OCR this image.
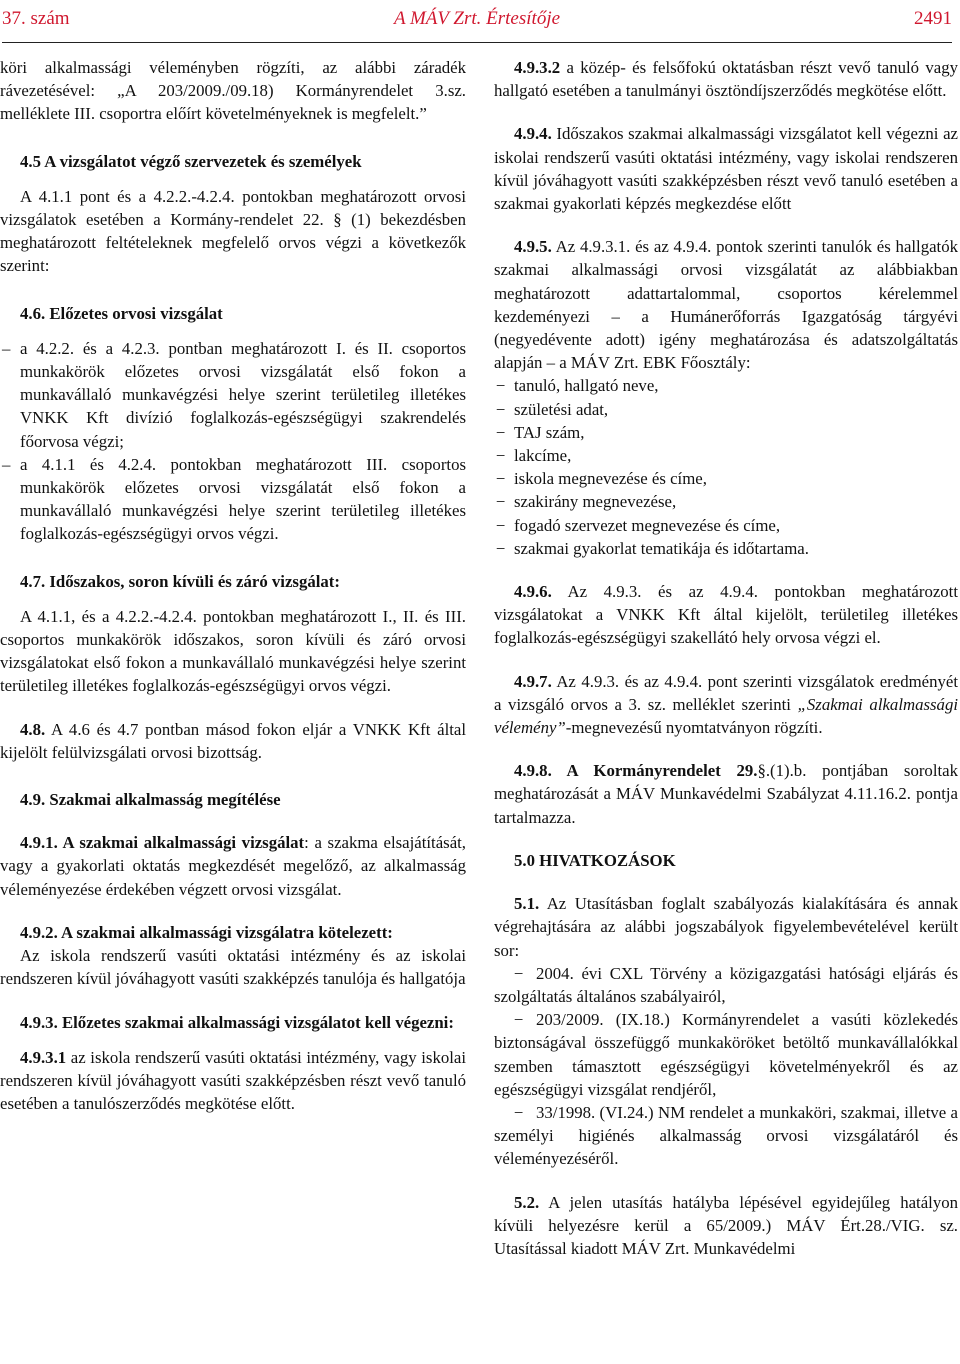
37. szám	A MÁV Zrt. Értesítője	2491

köri alkalmassági véleményben rögzíti, az alábbi záradék rávezetésével: „A 203/2009./09.18) Kormányrendelet 3.sz. melléklete III. csoportra előírt követelményeknek is megfelelt.”

4.5 A vizsgálatot végző szervezetek és személyek

A 4.1.1 pont és a 4.2.2.-4.2.4. pontokban meghatározott orvosi vizsgálatok esetében a Kormány-rendelet 22. § (1) bekezdésben meghatározott feltételeknek megfelelő orvos végzi a következők szerint:

4.6. Előzetes orvosi vizsgálat

– a 4.2.2. és a 4.2.3. pontban meghatározott I. és II. csoportos munkakörök előzetes orvosi vizsgálatát első fokon a munkavállaló munkavégzési helye szerint területileg illetékes VNKK Kft divízió foglalkozás-egészségügyi szakrendelés főorvosa végzi;

– a 4.1.1 és 4.2.4. pontokban meghatározott III. csoportos munkakörök előzetes orvosi vizsgálatát első fokon a munkavállaló munkavégzési helye szerint területileg illetékes foglalkozás-egészségügyi orvos végzi.

4.7. Időszakos, soron kívüli és záró vizsgálat:

A 4.1.1, és a 4.2.2.-4.2.4. pontokban meghatározott I., II. és III. csoportos munkakörök időszakos, soron kívüli és záró orvosi vizsgálatokat első fokon a munkavállaló munkavégzési helye szerint területileg illetékes foglalkozás-egészségügyi orvos végzi.

4.8. A 4.6 és 4.7 pontban másod fokon eljár a VNKK Kft által kijelölt felülvizsgálati orvosi bizottság.

4.9. Szakmai alkalmasság megítélése

4.9.1. A szakmai alkalmassági vizsgálat: a szakma elsajátítását, vagy a gyakorlati oktatás megkezdését megelőző, az alkalmasság véleményezése érdekében végzett orvosi vizsgálat.

4.9.2. A szakmai alkalmassági vizsgálatra kötelezett:

Az iskola rendszerű vasúti oktatási intézmény és az iskolai rendszeren kívül jóváhagyott vasúti szakképzés tanulója és hallgatója

4.9.3. Előzetes szakmai alkalmassági vizsgálatot kell végezni:

4.9.3.1 az iskola rendszerű vasúti oktatási intézmény, vagy iskolai rendszeren kívül jóváhagyott vasúti szakképzésben részt vevő tanuló esetében a tanulószerződés megkötése előtt.

4.9.3.2 a közép- és felsőfokú oktatásban részt vevő tanuló vagy hallgató esetében a tanulmányi ösztöndíjszerződés megkötése előtt.

4.9.4. Időszakos szakmai alkalmassági vizsgálatot kell végezni az iskolai rendszerű vasúti oktatási intézmény, vagy iskolai rendszeren kívül jóváhagyott vasúti szakképzésben részt vevő tanuló esetében a szakmai gyakorlati képzés megkezdése előtt

4.9.5. Az 4.9.3.1. és az 4.9.4. pontok szerinti tanulók és hallgatók szakmai alkalmassági orvosi vizsgálatát az alábbiakban meghatározott adattartalommal, csoportos kérelemmel kezdeményezi – a Humánerőforrás Igazgatóság tárgyévi (negyedévente adott) igény meghatározása és adatszolgáltatás alapján – a MÁV Zrt. EBK Főosztály:

− tanuló, hallgató neve,

− születési adat,

− TAJ szám,

− lakcíme,

− iskola megnevezése és címe,

− szakirány megnevezése,

− fogadó szervezet megnevezése és címe,

− szakmai gyakorlat tematikája és időtartama.

4.9.6. Az 4.9.3. és az 4.9.4. pontokban meghatározott vizsgálatokat a VNKK Kft által kijelölt, területileg illetékes foglalkozás-egészségügyi szakellátó hely orvosa végzi el.

4.9.7. Az 4.9.3. és az 4.9.4. pont szerinti vizsgálatok eredményét a vizsgáló orvos a 3. sz. melléklet szerinti „Szakmai alkalmassági vélemény”-megnevezésű nyomtatványon rögzíti.

4.9.8. A Kormányrendelet 29.§.(1).b. pontjában soroltak meghatározását a MÁV Munkavédelmi Szabályzat 4.11.16.2. pontja tartalmazza.

5.0 HIVATKOZÁSOK

5.1. Az Utasításban foglalt szabályozás kialakítására és annak végrehajtására az alábbi jogszabályok figyelembevételével került sor:

− 2004. évi CXL Törvény a közigazgatási hatósági eljárás és szolgáltatás általános szabályairól,

− 203/2009. (IX.18.) Kormányrendelet a vasúti közlekedés biztonságával összefüggő munkaköröket betöltő munkavállalókkal szemben támasztott egészségügyi követelményekről és az egészségügyi vizsgálat rendjéről,

− 33/1998. (VI.24.) NM rendelet a munkaköri, szakmai, illetve a személyi higiénés alkalmasság orvosi vizsgálatáról és véleményezéséről.

5.2. A jelen utasítás hatályba lépésével egyidejűleg hatályon kívüli helyezésre kerül a 65/2009.) MÁV Ért.28./VIG. sz. Utasítással kiadott MÁV Zrt. Munkavédelmi
